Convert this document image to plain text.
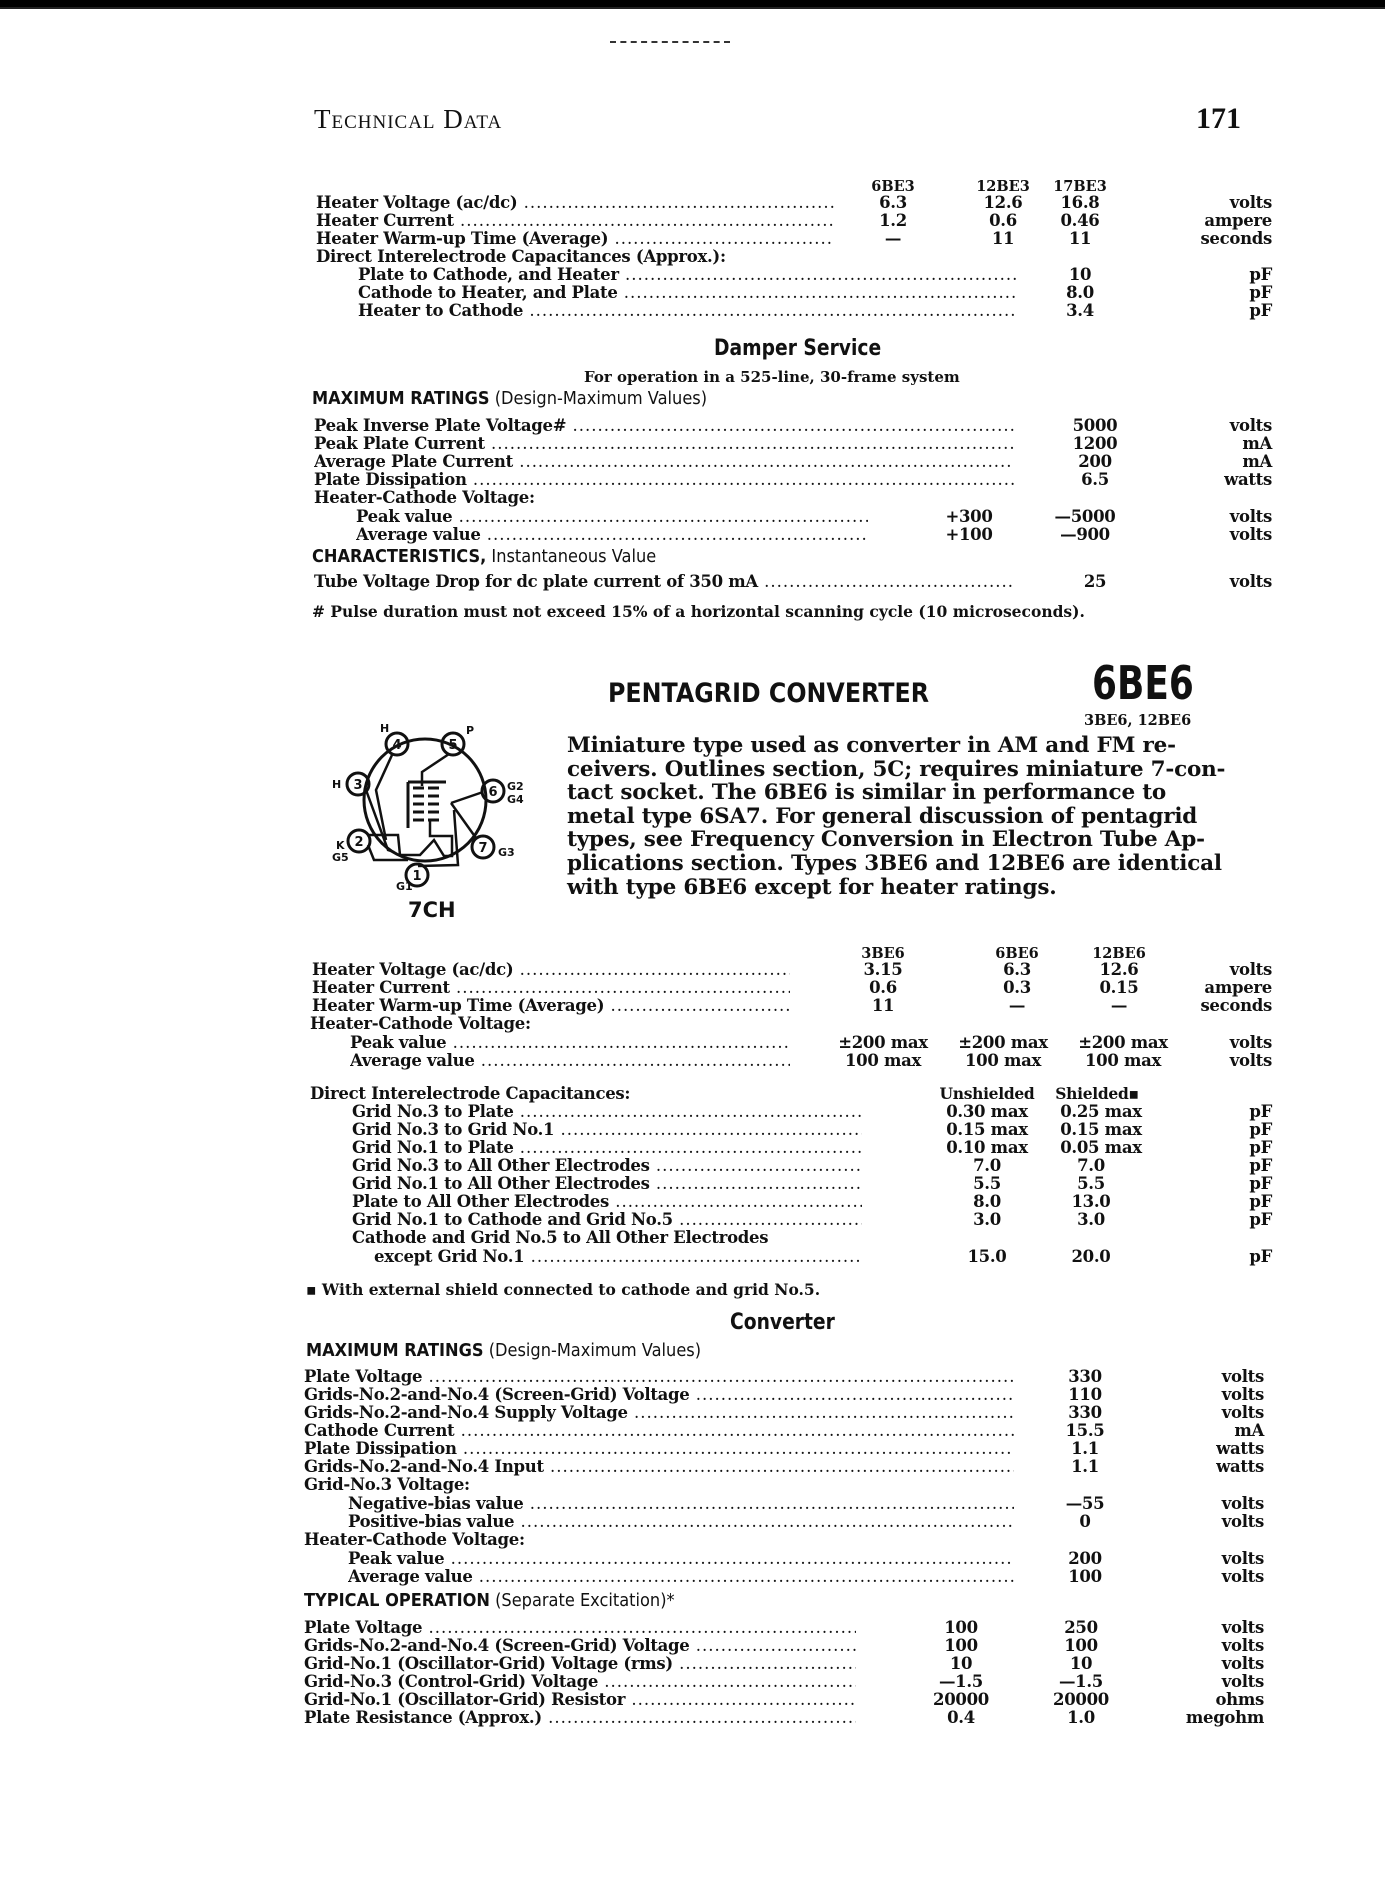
Technical Data	171
6BE3	12BE3	17BE3
Heater Voltage (ac/dc) .....	6.3	12.6	16.8	volts
Heater Current .....	1.2	0.6	0.46	ampere
Heater Warm-up Time (Average) .....	—	11	11	seconds
Direct Interelectrode Capacitances (Approx.):
Plate to Cathode, and Heater .....	10	pF
Cathode to Heater, and Plate .....	8.0	pF
Heater to Cathode .....	3.4	pF
Damper Service
For operation in a 525-line, 30-frame system
MAXIMUM RATINGS (Design-Maximum Values)
Peak Inverse Plate Voltage# .....	5000	volts
Peak Plate Current .....	1200	mA
Average Plate Current .....	200	mA
Plate Dissipation .....	6.5	watts
Heater-Cathode Voltage:
Peak value .....	+300	—5000	volts
Average value .....	+100	—900	volts
CHARACTERISTICS, Instantaneous Value
Tube Voltage Drop for dc plate current of 350 mA .....	25	volts
# Pulse duration must not exceed 15% of a horizontal scanning cycle (10 microseconds).
PENTAGRID CONVERTER	6BE6
3BE6, 12BE6
4	5
3	6
2	7
1
H	P
H	G2
G4
K
G5	G3
G1
7CH
Miniature type used as converter in AM and FM re-
ceivers. Outlines section, 5C; requires miniature 7-con-
tact socket. The 6BE6 is similar in performance to
metal type 6SA7. For general discussion of pentagrid
types, see Frequency Conversion in Electron Tube Ap-
plications section. Types 3BE6 and 12BE6 are identical
with type 6BE6 except for heater ratings.
3BE6	6BE6	12BE6
Heater Voltage (ac/dc) .....	3.15	6.3	12.6	volts
Heater Current .....	0.6	0.3	0.15	ampere
Heater Warm-up Time (Average) .....	11	—	—	seconds
Heater-Cathode Voltage:
Peak value .....	±200 max	±200 max	±200 max	volts
Average value .....	100 max	100 max	100 max	volts
Direct Interelectrode Capacitances:	Unshielded	Shielded▪
Grid No.3 to Plate .....	0.30 max	0.25 max	pF
Grid No.3 to Grid No.1 .....	0.15 max	0.15 max	pF
Grid No.1 to Plate .....	0.10 max	0.05 max	pF
Grid No.3 to All Other Electrodes .....	7.0	7.0	pF
Grid No.1 to All Other Electrodes .....	5.5	5.5	pF
Plate to All Other Electrodes .....	8.0	13.0	pF
Grid No.1 to Cathode and Grid No.5 .....	3.0	3.0	pF
Cathode and Grid No.5 to All Other Electrodes
except Grid No.1 .....	15.0	20.0	pF
▪ With external shield connected to cathode and grid No.5.
Converter
MAXIMUM RATINGS (Design-Maximum Values)
Plate Voltage .....	330	volts
Grids-No.2-and-No.4 (Screen-Grid) Voltage .....	110	volts
Grids-No.2-and-No.4 Supply Voltage .....	330	volts
Cathode Current .....	15.5	mA
Plate Dissipation .....	1.1	watts
Grids-No.2-and-No.4 Input .....	1.1	watts
Grid-No.3 Voltage:
Negative-bias value .....	—55	volts
Positive-bias value .....	0	volts
Heater-Cathode Voltage:
Peak value .....	200	volts
Average value .....	100	volts
TYPICAL OPERATION (Separate Excitation)*
Plate Voltage .....	100	250	volts
Grids-No.2-and-No.4 (Screen-Grid) Voltage .....	100	100	volts
Grid-No.1 (Oscillator-Grid) Voltage (rms) .....	10	10	volts
Grid-No.3 (Control-Grid) Voltage .....	—1.5	—1.5	volts
Grid-No.1 (Oscillator-Grid) Resistor .....	20000	20000	ohms
Plate Resistance (Approx.) .....	0.4	1.0	megohm
